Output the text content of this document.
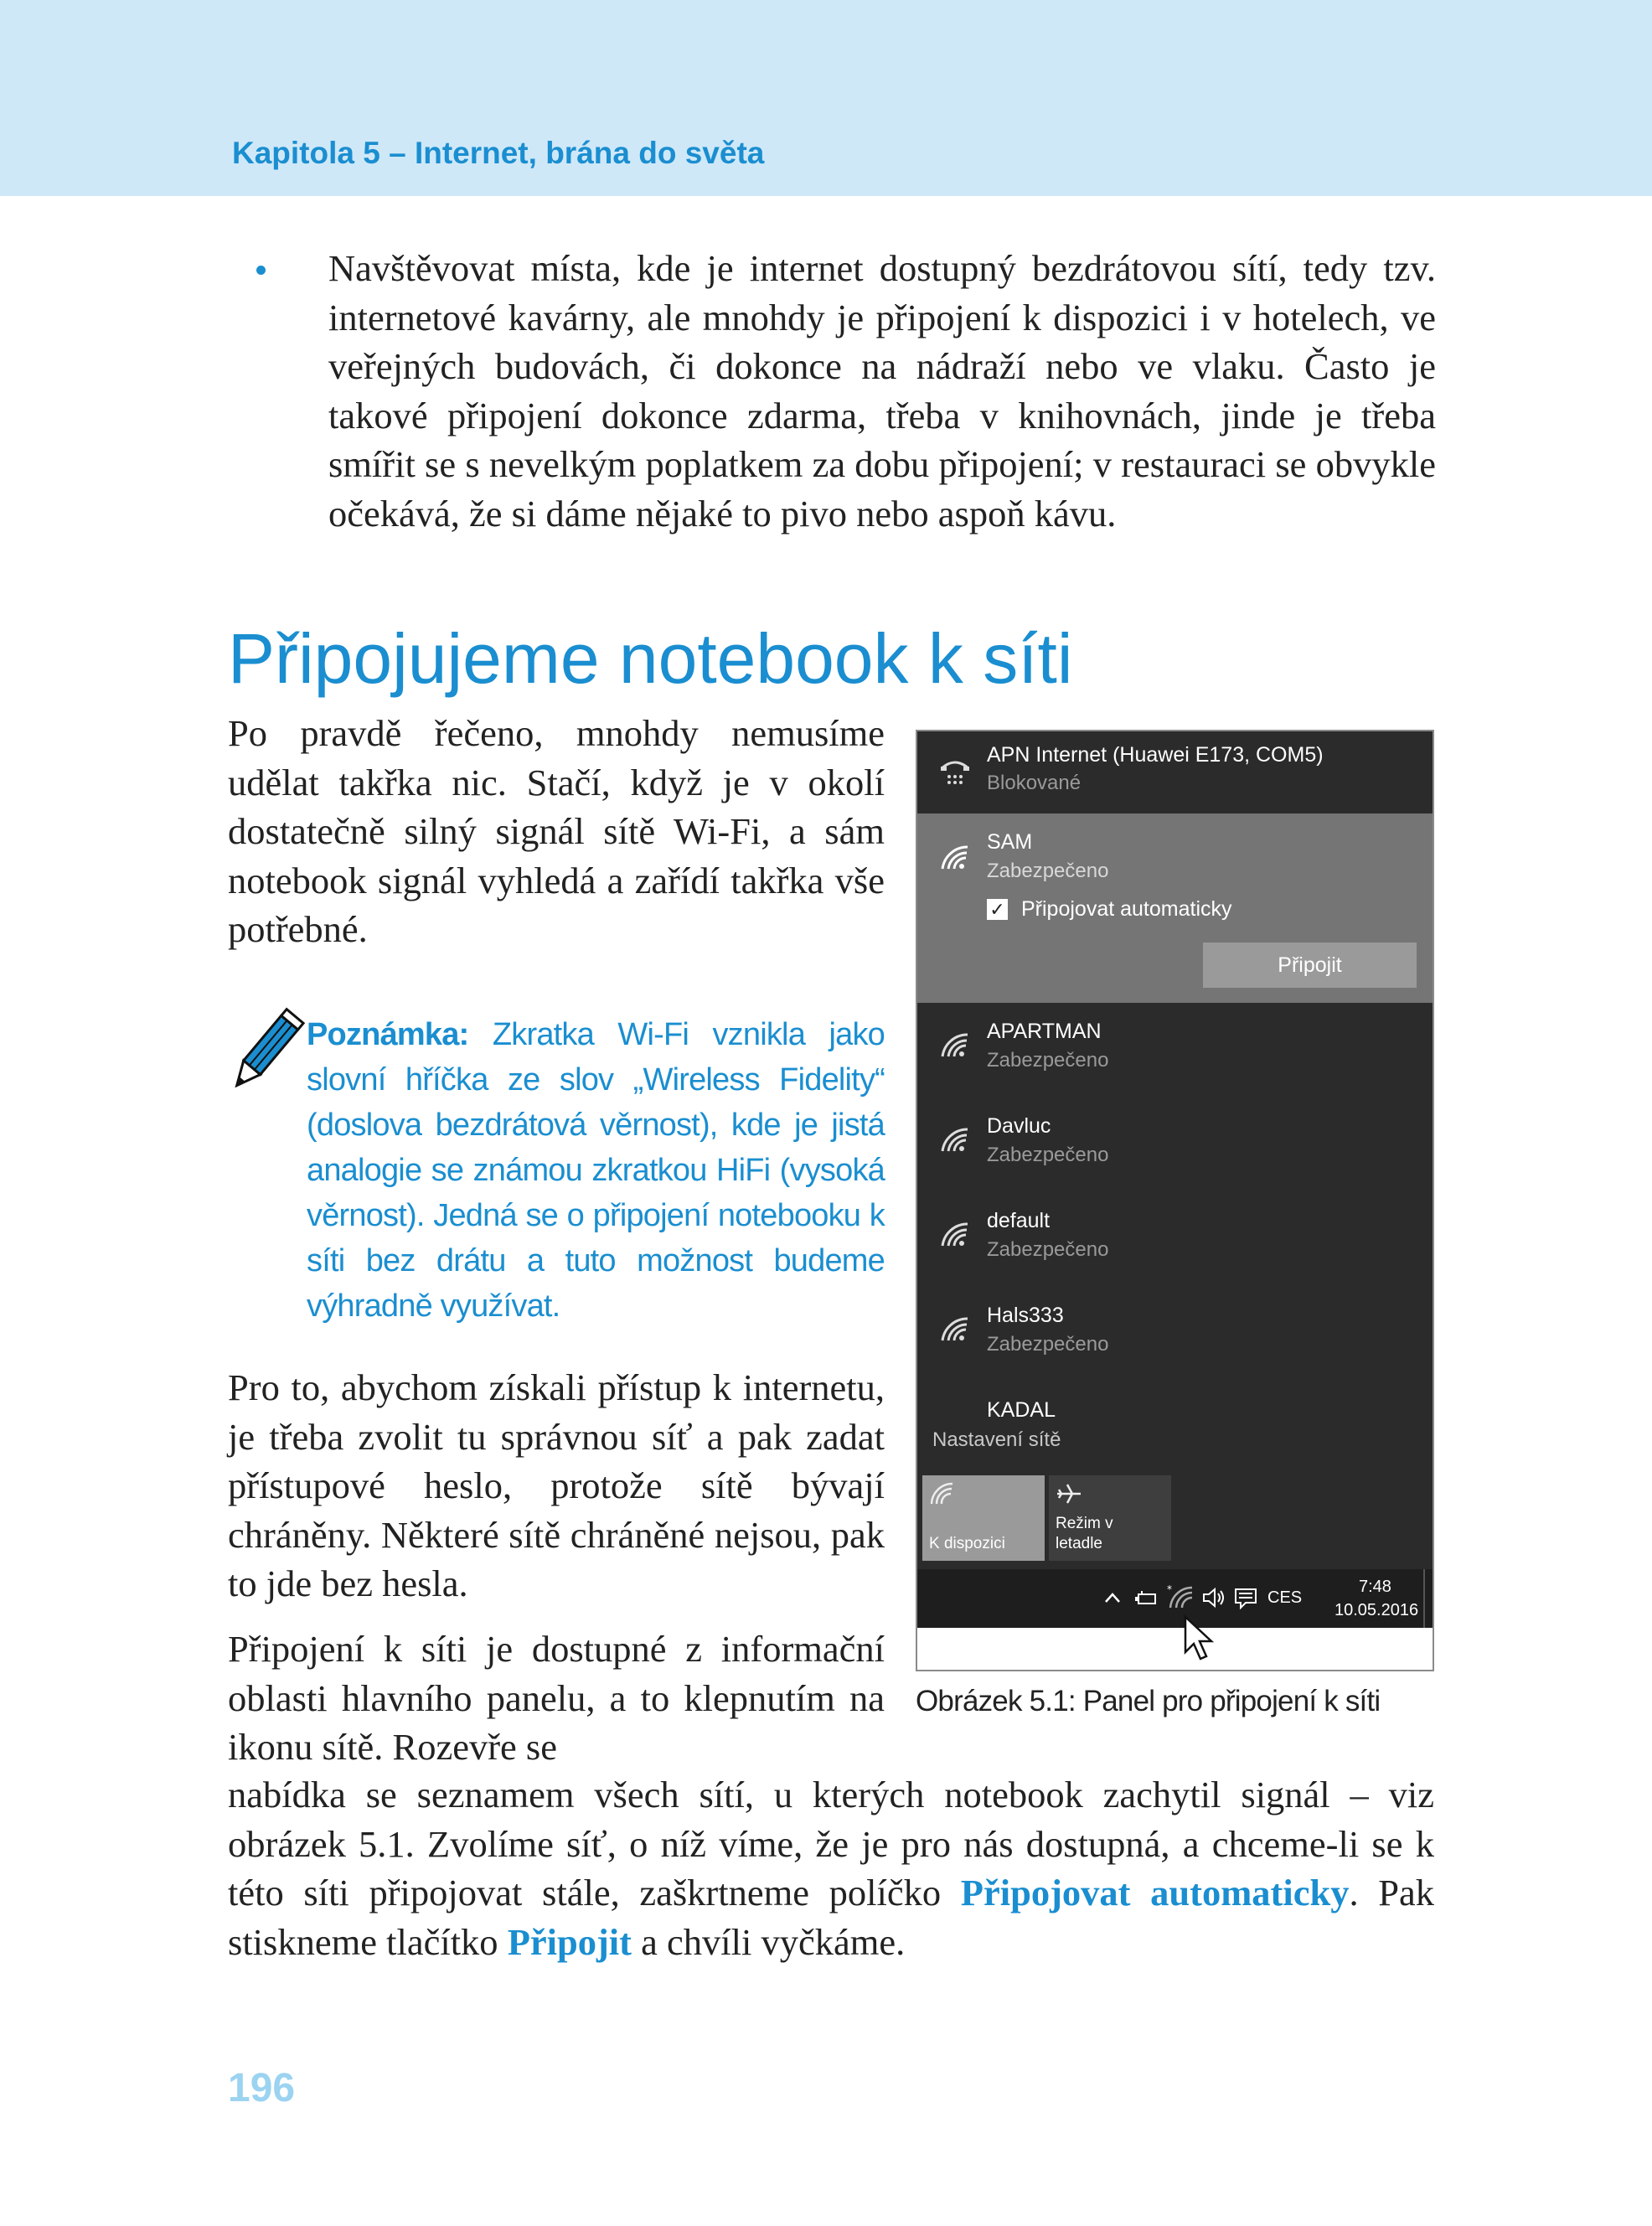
Kapitola 5 – Internet, brána do světa

Navštěvovat místa, kde je internet dostupný bezdrátovou sítí, tedy tzv. internetové kavárny, ale mnohdy je připojení k dispozici i v hotelech, ve veřejných budovách, či dokonce na nádraží nebo ve vlaku. Často je takové připojení dokonce zdarma, třeba v knihovnách, jinde je třeba smířit se s nevelkým poplatkem za dobu připojení; v restauraci se obvykle očekává, že si dáme nějaké to pivo nebo aspoň kávu.

Připojujeme notebook k síti

Po pravdě řečeno, mnohdy nemusíme udělat takřka nic. Stačí, když je v okolí dostatečně silný signál sítě Wi-Fi, a sám notebook signál vyhledá a zařídí takřka vše potřebné.

Poznámka: Zkratka Wi-Fi vznikla jako slovní hříčka ze slov „Wireless Fidelity“ (doslova bezdrátová věrnost), kde je jistá analogie se známou zkratkou HiFi (vysoká věrnost). Jedná se o připojení notebooku k síti bez drátu a tuto možnost budeme výhradně využívat.

Pro to, abychom získali přístup k internetu, je třeba zvolit tu správnou síť a pak zadat přístupové heslo, protože sítě bývají chráněny. Některé sítě chráněné nejsou, pak to jde bez hesla.

Připojení k síti je dostupné z informační oblasti hlavního panelu, a to klepnutím na ikonu sítě. Rozevře se

nabídka se seznamem všech sítí, u kterých notebook zachytil signál – viz obrázek 5.1. Zvolíme síť, o níž víme, že je pro nás dostupná, a chceme-li se k této síti připojovat stále, zaškrtneme políčko Připojovat automaticky. Pak stiskneme tlačítko Připojit a chvíli vyčkáme.

APN Internet (Huawei E173, COM5)
Blokované
SAM
Zabezpečeno
✓ Připojovat automaticky
Připojit
APARTMAN
Zabezpečeno
Davluc
Zabezpečeno
default
Zabezpečeno
Hals333
Zabezpečeno
KADAL
Nastavení sítě
K dispozici
Režim v letadle
*	CES
7:48
10.05.2016
Obrázek 5.1: Panel pro připojení k síti
196
